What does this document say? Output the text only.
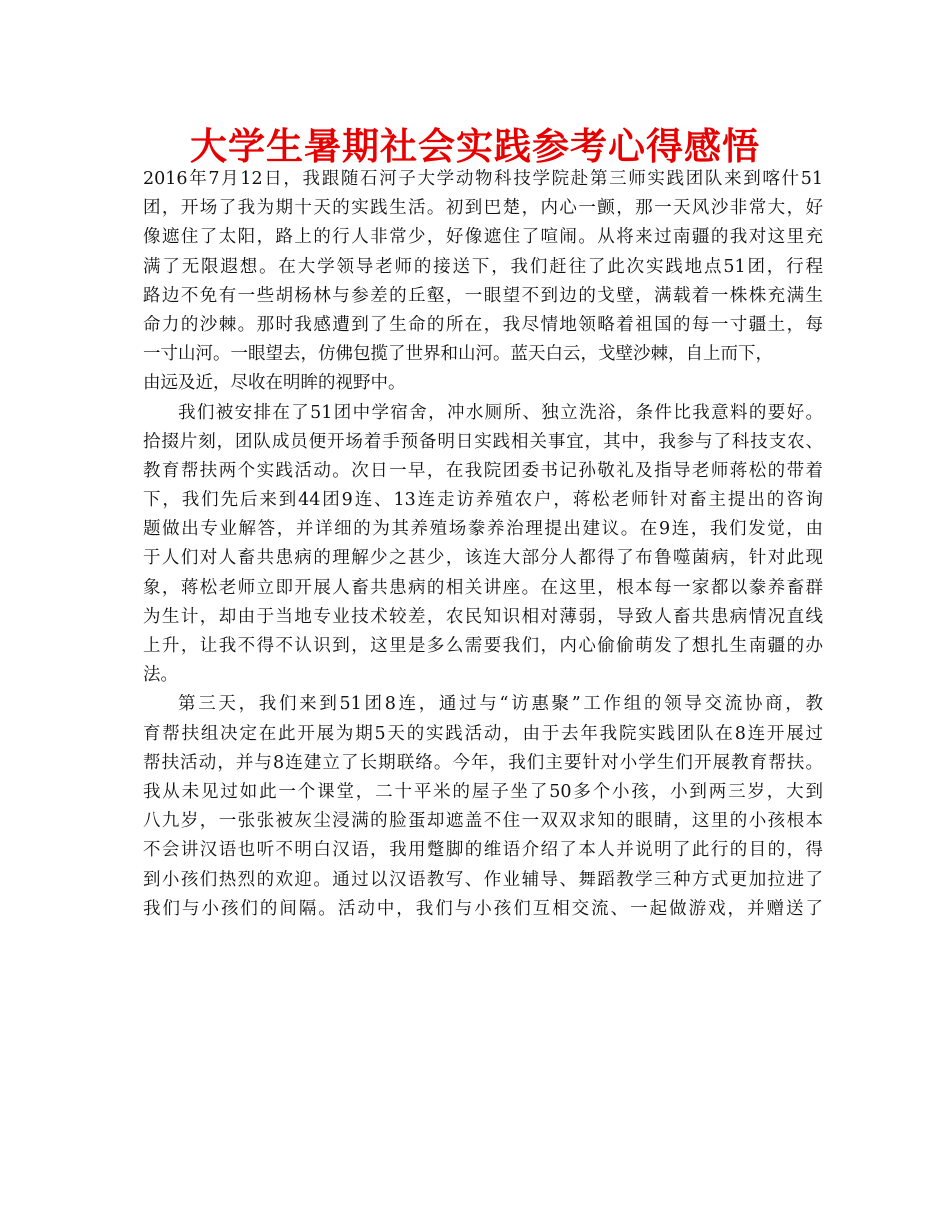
大学生暑期社会实践参考心得感悟
2016年7月12日，我跟随石河子大学动物科技学院赴第三师实践团队来到喀什51
团，开场了我为期十天的实践生活。初到巴楚，内心一颤，那一天风沙非常大，好
像遮住了太阳，路上的行人非常少，好像遮住了喧闹。从将来过南疆的我对这里充
满了无限遐想。在大学领导老师的接送下，我们赶往了此次实践地点51团，行程
路边不免有一些胡杨林与参差的丘壑，一眼望不到边的戈壁，满载着一株株充满生
命力的沙棘。那时我感遭到了生命的所在，我尽情地领略着祖国的每一寸疆土，每
一寸山河。一眼望去，仿佛包揽了世界和山河。蓝天白云，戈壁沙棘，自上而下，
由远及近，尽收在明眸的视野中。
我们被安排在了51团中学宿舍，冲水厕所、独立洗浴，条件比我意料的要好。
拾掇片刻，团队成员便开场着手预备明日实践相关事宜，其中，我参与了科技支农、
教育帮扶两个实践活动。次日一早，在我院团委书记孙敬礼及指导老师蒋松的带着
下，我们先后来到44团9连、13连走访养殖农户，蒋松老师针对畜主提出的咨询
题做出专业解答，并详细的为其养殖场豢养治理提出建议。在9连，我们发觉，由
于人们对人畜共患病的理解少之甚少，该连大部分人都得了布鲁噬菌病，针对此现
象，蒋松老师立即开展人畜共患病的相关讲座。在这里，根本每一家都以豢养畜群
为生计，却由于当地专业技术较差，农民知识相对薄弱，导致人畜共患病情况直线
上升，让我不得不认识到，这里是多么需要我们，内心偷偷萌发了想扎生南疆的办
法。
第三天，我们来到51团8连，通过与“访惠聚”工作组的领导交流协商，教
育帮扶组决定在此开展为期5天的实践活动，由于去年我院实践团队在8连开展过
帮扶活动，并与8连建立了长期联络。今年，我们主要针对小学生们开展教育帮扶。
我从未见过如此一个课堂，二十平米的屋子坐了50多个小孩，小到两三岁，大到
八九岁，一张张被灰尘浸满的脸蛋却遮盖不住一双双求知的眼睛，这里的小孩根本
不会讲汉语也听不明白汉语，我用蹩脚的维语介绍了本人并说明了此行的目的，得
到小孩们热烈的欢迎。通过以汉语教写、作业辅导、舞蹈教学三种方式更加拉进了
我们与小孩们的间隔。活动中，我们与小孩们互相交流、一起做游戏，并赠送了
